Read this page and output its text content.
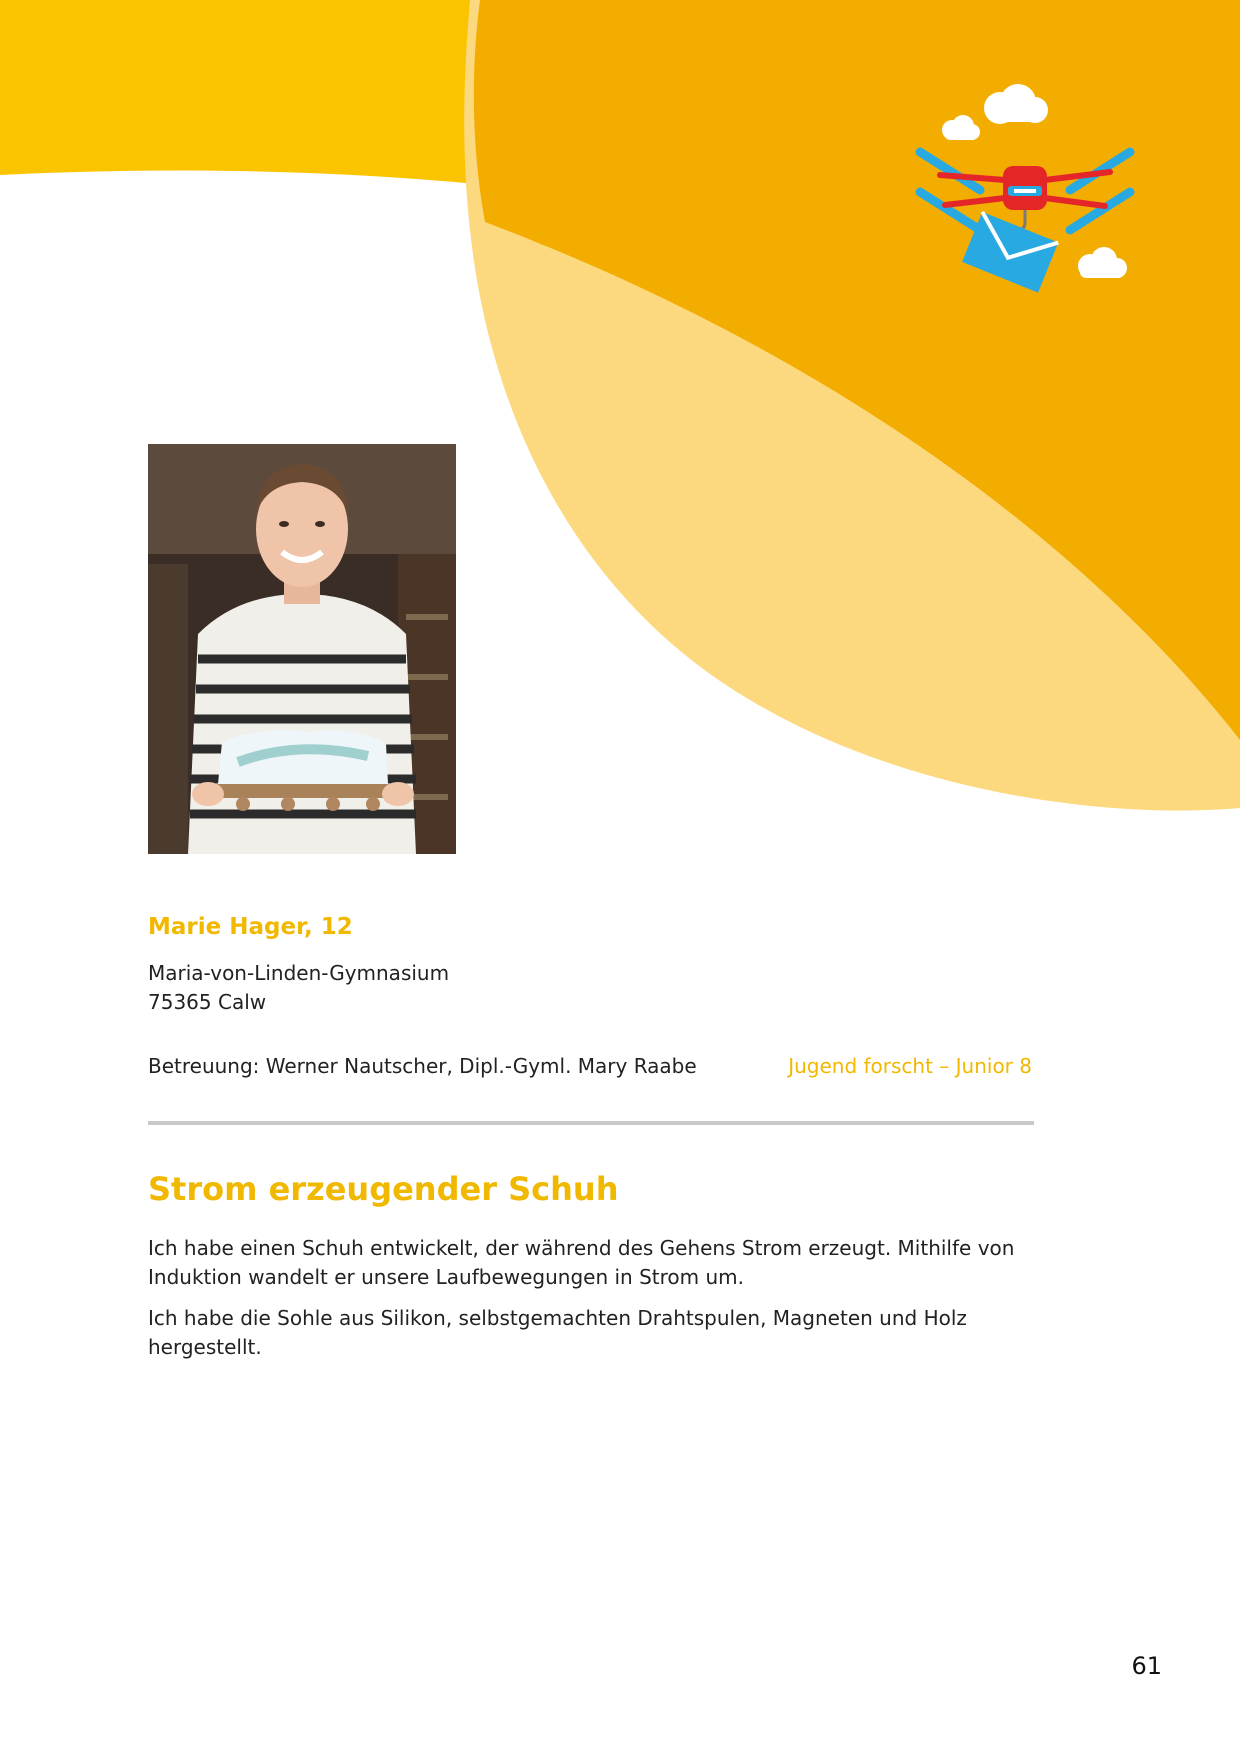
Marie Hager, 12
Maria-von-Linden-Gymnasium
75365 Calw
Betreuung: Werner Nautscher, Dipl.-Gyml. Mary Raabe	Jugend forscht – Junior 8
Strom erzeugender Schuh

Ich habe einen Schuh entwickelt, der während des Gehens Strom erzeugt. Mithilfe von Induktion wandelt er unsere Laufbewegungen in Strom um.

Ich habe die Sohle aus Silikon, selbstgemachten Drahtspulen, Magneten und Holz hergestellt.

61
